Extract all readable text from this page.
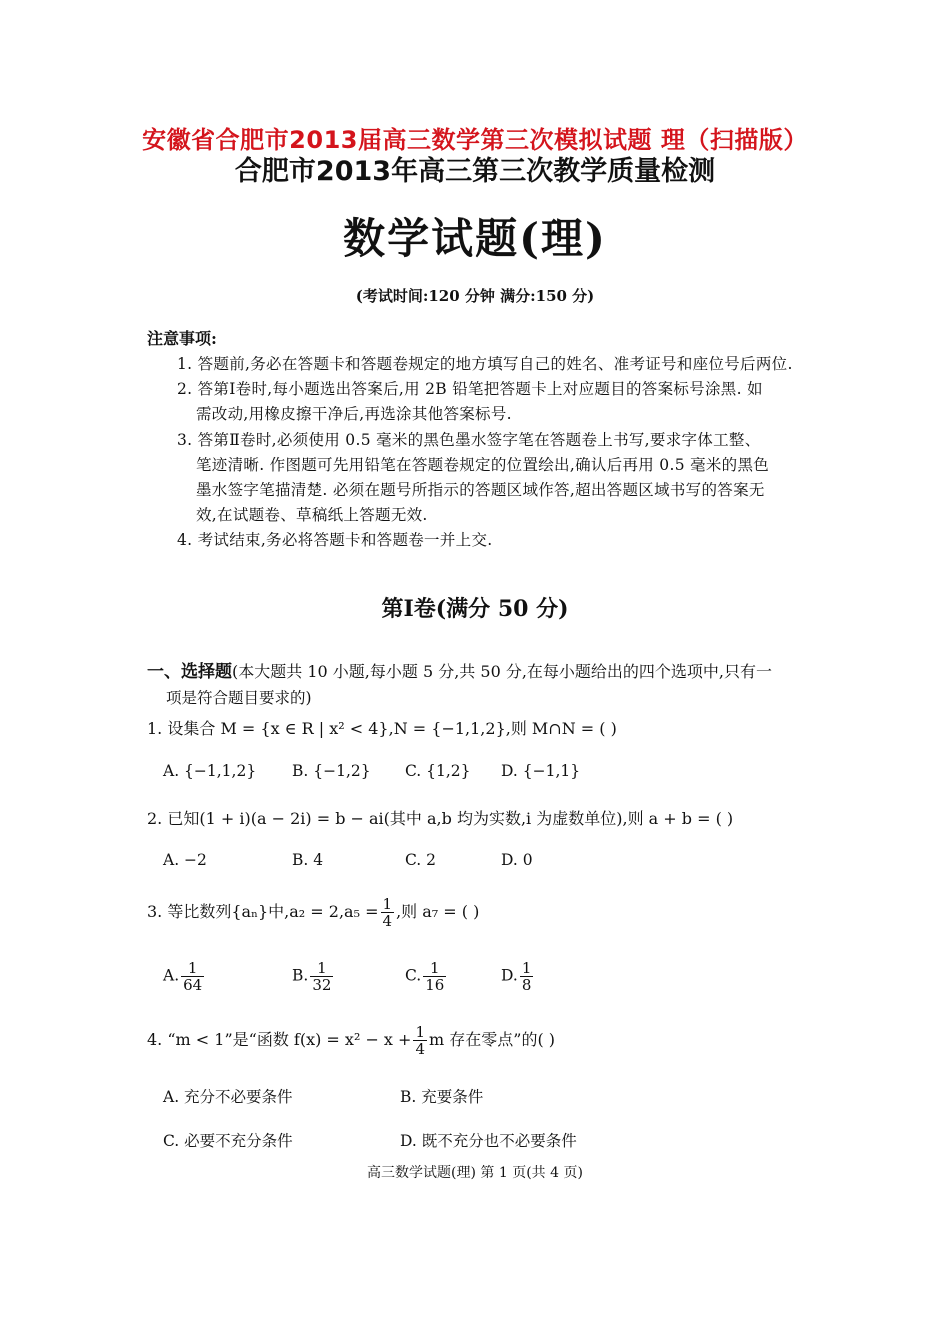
安徽省合肥市2013届高三数学第三次模拟试题 理（扫描版）
合肥市2013年高三第三次教学质量检测
数学试题(理)
(考试时间:120 分钟 满分:150 分)
注意事项:
1. 答题前,务必在答题卡和答题卷规定的地方填写自己的姓名、准考证号和座位号后两位.
2. 答第Ⅰ卷时,每小题选出答案后,用 2B 铅笔把答题卡上对应题目的答案标号涂黑. 如
需改动,用橡皮擦干净后,再选涂其他答案标号.
3. 答第Ⅱ卷时,必须使用 0.5 毫米的黑色墨水签字笔在答题卷上书写,要求字体工整、
笔迹清晰. 作图题可先用铅笔在答题卷规定的位置绘出,确认后再用 0.5 毫米的黑色
墨水签字笔描清楚. 必须在题号所指示的答题区域作答,超出答题区域书写的答案无
效,在试题卷、草稿纸上答题无效.
4. 考试结束,务必将答题卡和答题卷一并上交.
第Ⅰ卷(满分 50 分)
一、选择题(本大题共 10 小题,每小题 5 分,共 50 分,在每小题给出的四个选项中,只有一
项是符合题目要求的)
1. 设集合 M = {x ∈ R | x² < 4},N = {−1,1,2},则 M∩N = ( )
A. {−1,1,2} B. {−1,2} C. {1,2} D. {−1,1}
2. 已知(1 + i)(a − 2i) = b − ai(其中 a,b 均为实数,i 为虚数单位),则 a + b = ( )
A. −2	B. 4	C. 2	D. 0
3. 等比数列{aₙ}中$,a_2 = 2,a_5 = \frac{1}{4}$ ,则 a₇ = ( )
A. $\frac{1}{64}$	B. $\frac{1}{32}$	C. $\frac{1}{16}$	D. $\frac{1}{8}$
4. “m < 1”是“函数 $f(x) = x^2 - x + \frac{1}{4}$ m 存在零点”的( )
A. 充分不必要条件	B. 充要条件
C. 必要不充分条件	D. 既不充分也不必要条件
高三数学试题(理) 第 1 页(共 4 页)
